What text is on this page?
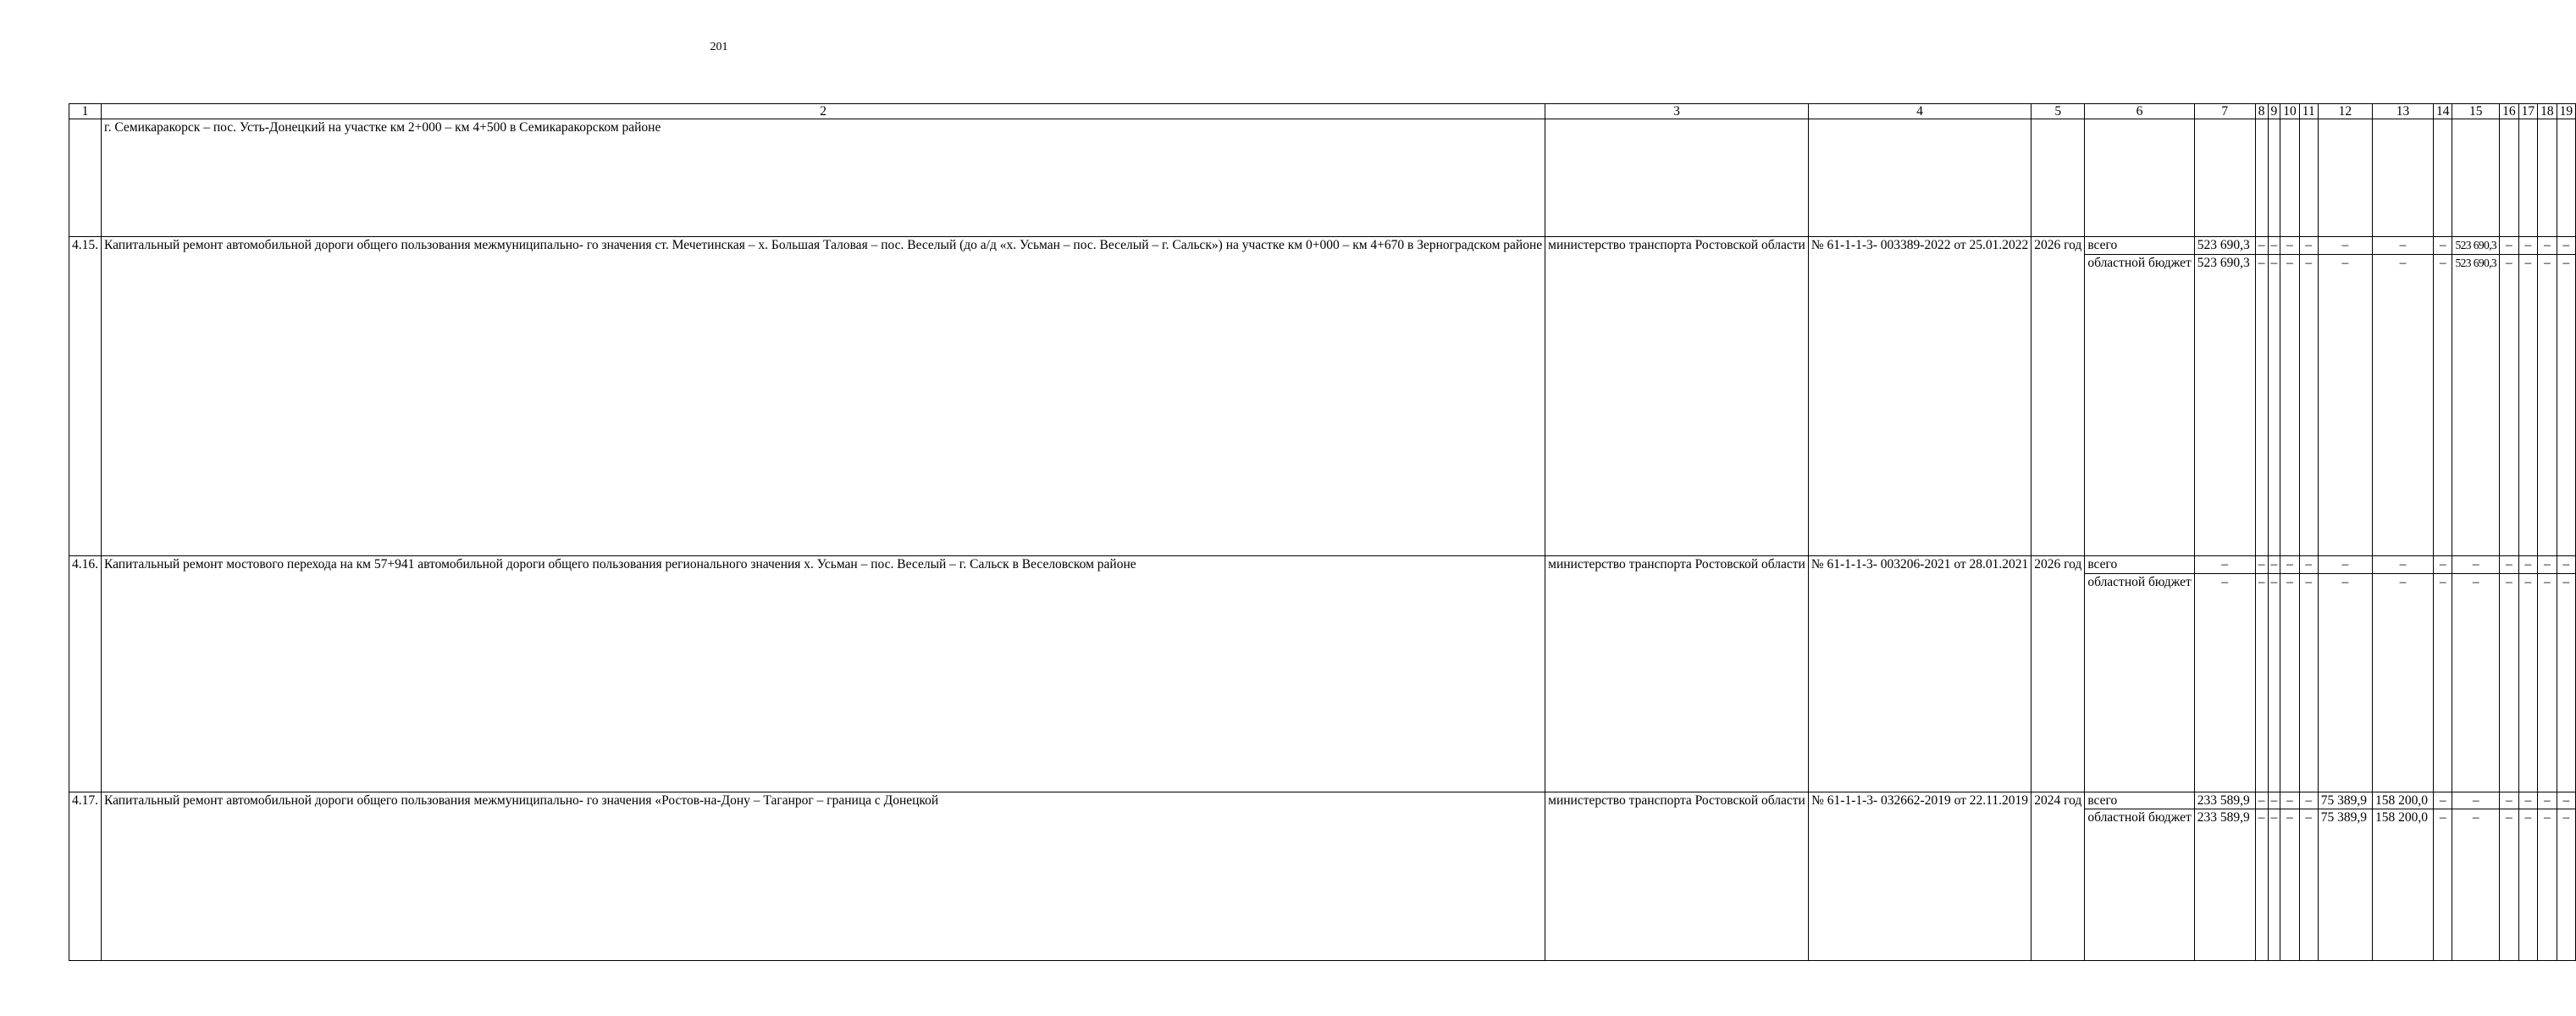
201
1	2	3	4	5	6	7	8	9	10	11	12	13	14	15	16	17	18	19
	г. Семикаракорск – пос. Усть-Донецкий на участке км 2+000 – км 4+500 в Семикаракорском районе																	
4.15.	Капитальный ремонт автомобильной дороги общего пользования межмуниципально- го значения ст. Мечетинская – х. Большая Таловая – пос. Веселый (до а/д «х. Усьман – пос. Веселый – г. Сальск») на участке км 0+000 – км 4+670 в Зерноградском районе	министерство транспорта Ростовской области	№ 61-1-1-3- 003389-2022 от 25.01.2022	2026 год	всего	523 690,3	–	–	–	–	–	–	–	523 690,3	–	–	–	–
					областной бюджет	523 690,3	–	–	–	–	–	–	–	523 690,3	–	–	–	–
4.16.	Капитальный ремонт мостового перехода на км 57+941 автомобильной дороги общего пользования регионального значения х. Усьман – пос. Веселый – г. Сальск в Веселовском районе	министерство транспорта Ростовской области	№ 61-1-1-3- 003206-2021 от 28.01.2021	2026 год	всего	–	–	–	–	–	–	–	–	–	–	–	–	–
					областной бюджет	–	–	–	–	–	–	–	–	–	–	–	–	–
4.17.	Капитальный ремонт автомобильной дороги общего пользования межмуниципально- го значения «Ростов-на-Дону – Таганрог – граница с Донецкой	министерство транспорта Ростовской области	№ 61-1-1-3- 032662-2019 от 22.11.2019	2024 год	всего	233 589,9	–	–	–	–	75 389,9	158 200,0	–	–	–	–	–	–
					областной бюджет	233 589,9	–	–	–	–	75 389,9	158 200,0	–	–	–	–	–	–
